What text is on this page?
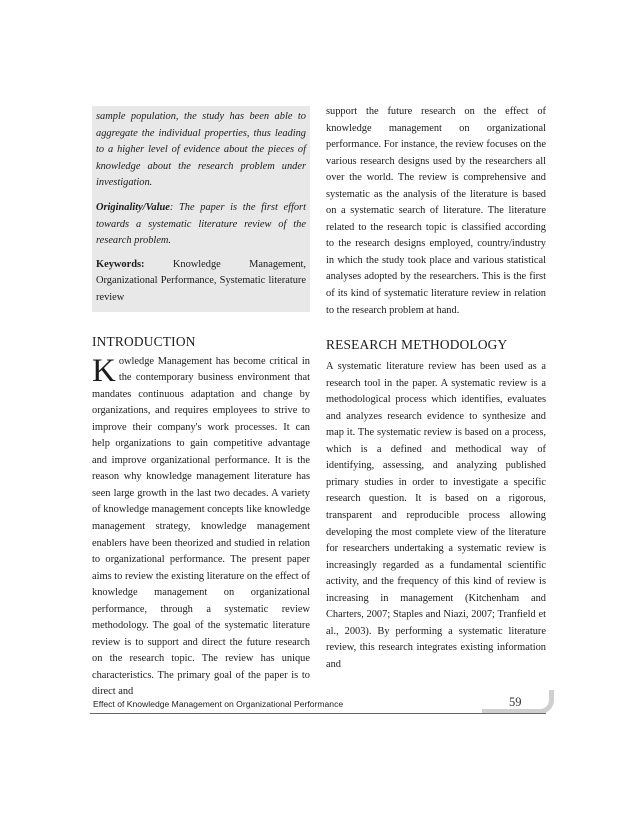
sample population, the study has been able to aggregate the individual properties, thus leading to a higher level of evidence about the pieces of knowledge about the research problem under investigation.

Originality/Value: The paper is the first effort towards a systematic literature review of the research problem.

Keywords: Knowledge Management, Organizational Performance, Systematic literature review

INTRODUCTION

Kowledge Management has become critical in the contemporary business environment that mandates continuous adaptation and change by organizations, and requires employees to strive to improve their company's work processes. It can help organizations to gain competitive advantage and improve organizational performance. It is the reason why knowledge management literature has seen large growth in the last two decades. A variety of knowledge management concepts like knowledge management strategy, knowledge management enablers have been theorized and studied in relation to organizational performance. The present paper aims to review the existing literature on the effect of knowledge management on organizational performance, through a systematic review methodology. The goal of the systematic literature review is to support and direct the future research on the research topic. The review has unique characteristics. The primary goal of the paper is to direct and

support the future research on the effect of knowledge management on organizational performance. For instance, the review focuses on the various research designs used by the researchers all over the world. The review is comprehensive and systematic as the analysis of the literature is based on a systematic search of literature. The literature related to the research topic is classified according to the research designs employed, country/industry in which the study took place and various statistical analyses adopted by the researchers. This is the first of its kind of systematic literature review in relation to the research problem at hand.

RESEARCH METHODOLOGY

A systematic literature review has been used as a research tool in the paper. A systematic review is a methodological process which identifies, evaluates and analyzes research evidence to synthesize and map it. The systematic review is based on a process, which is a defined and methodical way of identifying, assessing, and analyzing published primary studies in order to investigate a specific research question. It is based on a rigorous, transparent and reproducible process allowing developing the most complete view of the literature for researchers undertaking a systematic review is increasingly regarded as a fundamental scientific activity, and the frequency of this kind of review is increasing in management (Kitchenham and Charters, 2007; Staples and Niazi, 2007; Tranfield et al., 2003). By performing a systematic literature review, this research integrates existing information and

Effect of Knowledge Management on Organizational Performance	59
